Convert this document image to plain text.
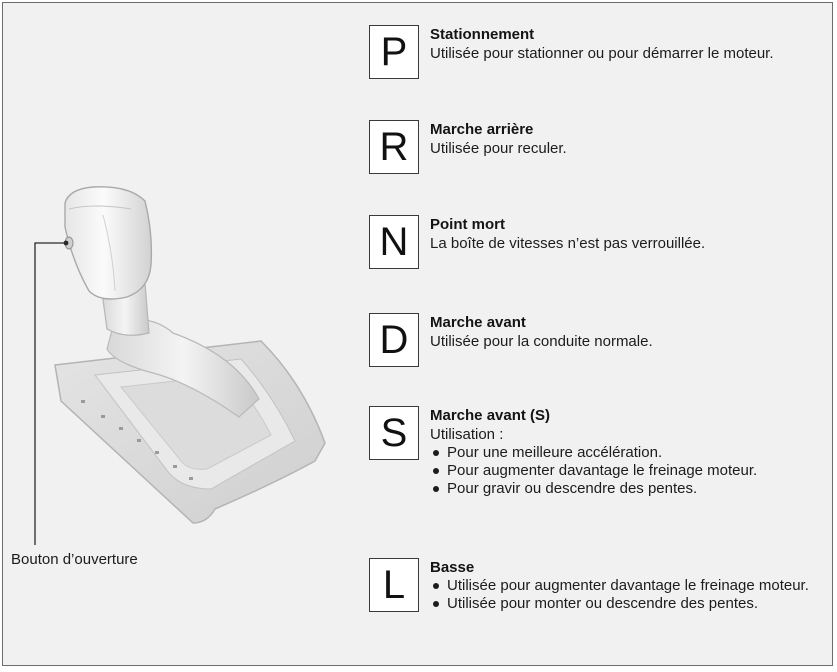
Bouton d’ouverture
P	Stationnement
Utilisée pour stationner ou pour démarrer le moteur.
R	Marche arrière
Utilisée pour reculer.
N	Point mort
La boîte de vitesses n’est pas verrouillée.
D	Marche avant
Utilisée pour la conduite normale.
S	Marche avant (S)
Utilisation :
Pour une meilleure accélération.
Pour augmenter davantage le freinage moteur.
Pour gravir ou descendre des pentes.
L	Basse
Utilisée pour augmenter davantage le freinage moteur.
Utilisée pour monter ou descendre des pentes.
